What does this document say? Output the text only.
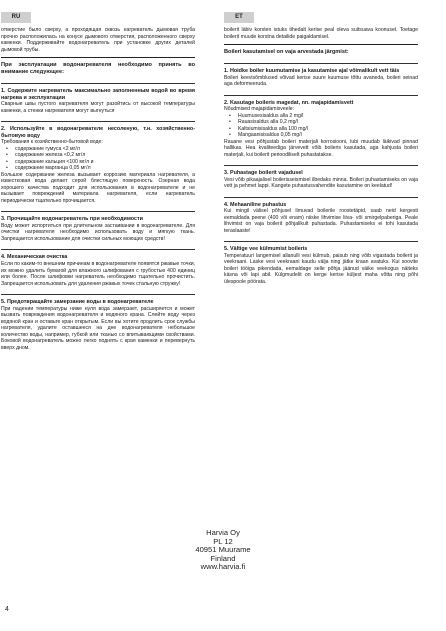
RU	ET

отверстие было сверху, а проходящая сквозь нагреватель дымовая труба прочно расположилась на конусе дымового отверстия, расположенного сверху каменки. Поддерживайте водонагреватель при установке других деталей дымовой трубы.

При эксплуатации водонагревателя необходимо принять во внимание следующее:

1. Содержите нагреватель максимально заполненным водой во время нагрева и эксплуатации

Сварные швы пустого нагревателя могут разойтись от высокой температуры каменки, а стенки нагревателя могут выгнуться

2. Используйте в водонагревателе несоленую, т.н. хозяйственно-бытовую воду

Требования к хозяйственно-бытовой воде:

• содержание гумуса <2 мг/л
• содержание железа <0,2 мг/л
• содержание кальция <100 мг/л и
• содержание марганца 0,05 мг/л

Большое содержание железа вызывает коррозию материала нагревателя, а известковая вода делает серой блестящую поверхность. Озерная вода хорошего качества подходит для использования в водонагревателе и не вызывает повреждений материала нагревателя, если нагреватель периодически тщательно прочищается.

3. Прочищайте водонагреватель при необходимости

Воду может испортиться при длительном застаивании в водонагревателе. Для очистки нагревателя необходимо использовать воду и мягкую ткань. Запрещается использование для очистки сильных моющих средств!

4. Механическая очистка

Если по каким-то внешним причинам в водонагревателе появятся ржавые точки, их можно удалить бумагой для влажного шлифования с грубостью 400 единиц или более. После шлифовки нагреватель необходимо тщательно прочистить. Запрещается использовать для удаления ржавых точек стальную стружку!

5. Предотвращайте замерзание воды в водонагревателе

При падении температуры ниже нуля вода замерзает, расширяется и может вызвать повреждения водонагревателя и водяного крана. Слейте воду через водяной кран и оставьте кран открытым. Если вы хотите продлить срок службы нагревателя, удалите оставшееся на дне водонагревателя небольшое количество воды, например, губкой или тканью со впитывающими свойствами. Боковой водонагреватель можно легко поднять с края каменки и перевернуть вверх дном.

boilerit läbiv korsten istuks tihedalt kerise peal oleva suitsuava koonusel. Toetage boilerit muude korstna detailide paigaldamisel.

Boileri kasutamisel on vaja arvestada järgmist:

1. Hoidke boiler kuumutamise ja kasutamise ajal võimalikult vett täis

Boileri keevisõmblused võivad kerise suure kuumuse tõttu avaneda, boileri seinad aga deformeeruda.

2. Kasutage boileris magedat, nn. majapidamisvett

Nõudmised majapidamisveele:

• Huumusesisaldus alla 2 mg/l
• Rauasisaldus alla 0,2 mg/l
• Kaltsiumisisaldus alla 100 mg/l
• Mangaanisisaldus 0,05 mg/l

Rauane vesi põhjustab boileri materjali korrosiooni, lubi muudab läikivad pinnad hallikas. Hea kvaliteediga järvevett võib boileris kasutada, aga kahjusta boileri materjali, kui boilerit perioodiliselt puhastatakse.

3. Puhastage boilerit vajadusel

Vesi võib pikaajalisel boilerisseismisel ilbedaks minna. Boileri puhastamiseks on vaja vett ja pehmet lappi. Kangete puhastusvahendite kasutamine on keelatud!

4. Mehaaniline puhastus

Kui mingil välisel põhjusel ilmuvad boilerile roostetäpid, saab neid kergesti eemaldada peene (400 või enam) niiske lihvimise liiva- või smirgelpaberiga. Peale lihvimist on vaja boilerit põhjalikult puhastada. Puhastamiseks ei tohi kasutada teraslaaste!

5. Vältige vee külmumist boileris

Temperatuuri langemisel allanulli vesi külmub, paisub ning võib vigastada boilerit ja veekraani. Laske vesi veekraani kaudu välja ning jätke kraan avatuks. Kui soovite boileri tööiga pikendada, eemaldage selle põhja jäänud väike veekogus näiteks käsna või lapi abil. Külgmudelit on kerge kerise küljest maha võtta ning põhi ülespoole pöörata.

Harvia Oy
PL 12
40951 Muurame
Finland
www.harvia.fi
4
